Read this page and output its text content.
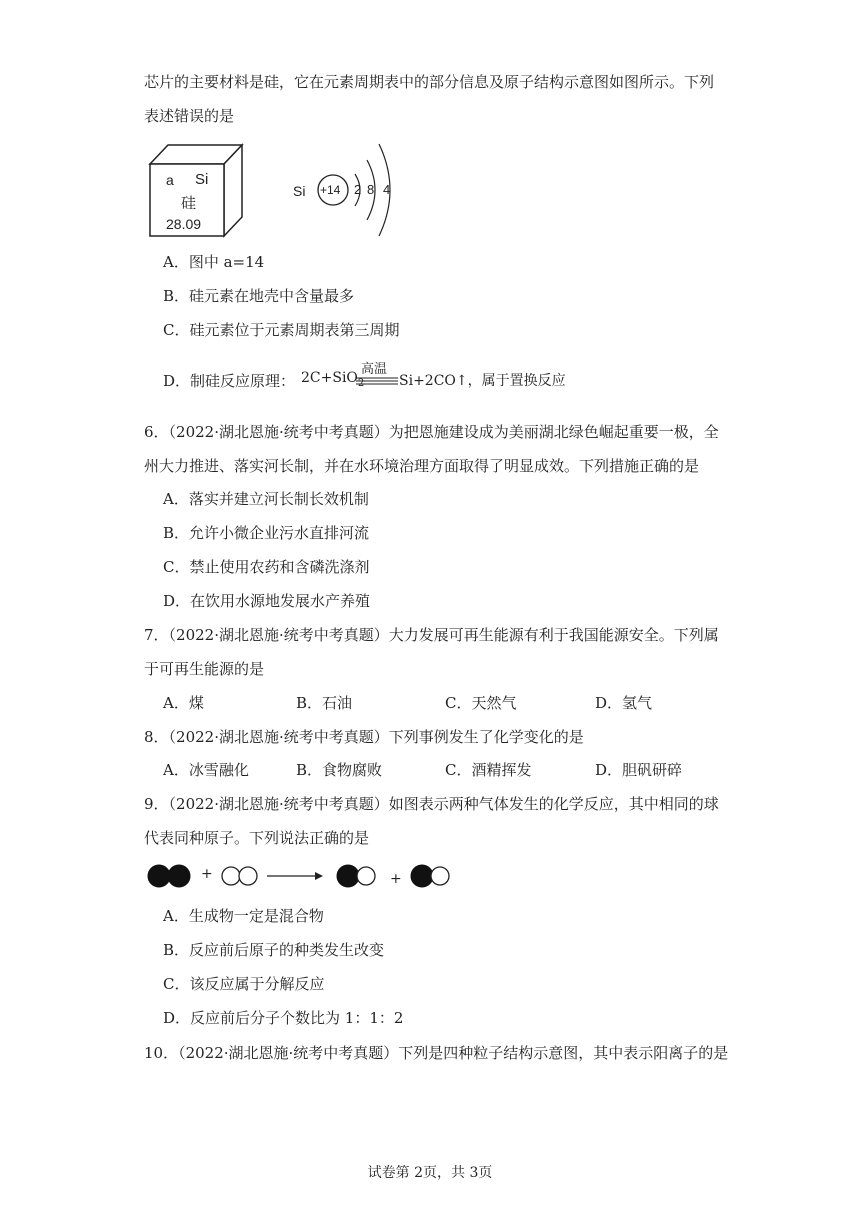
芯片的主要材料是硅，它在元素周期表中的部分信息及原子结构示意图如图所示。下列
表述错误的是
a Si
硅
28.09
Si +14 2 8 4
A．图中 a=14
B．硅元素在地壳中含量最多
C．硅元素位于元素周期表第三周期
D．制硅反应原理： 2C+SiO$_2$
高温
Si+2CO↑，属于置换反应
6．（2022·湖北恩施·统考中考真题）为把恩施建设成为美丽湖北绿色崛起重要一极，全
州大力推进、落实河长制，并在水环境治理方面取得了明显成效。下列措施正确的是
A．落实并建立河长制长效机制
B．允许小微企业污水直排河流
C．禁止使用农药和含磷洗涤剂
D．在饮用水源地发展水产养殖
7．（2022·湖北恩施·统考中考真题）大力发展可再生能源有利于我国能源安全。下列属
于可再生能源的是
A．煤	B．石油	C．天然气	D．氢气
8．（2022·湖北恩施·统考中考真题）下列事例发生了化学变化的是
A．冰雪融化	B．食物腐败	C．酒精挥发	D．胆矾研碎
9．（2022·湖北恩施·统考中考真题）如图表示两种气体发生的化学反应，其中相同的球
代表同种原子。下列说法正确的是
+	+
A．生成物一定是混合物
B．反应前后原子的种类发生改变
C．该反应属于分解反应
D．反应前后分子个数比为 1：1：2
10．（2022·湖北恩施·统考中考真题）下列是四种粒子结构示意图，其中表示阳离子的是
试卷第 2页，共 3页
